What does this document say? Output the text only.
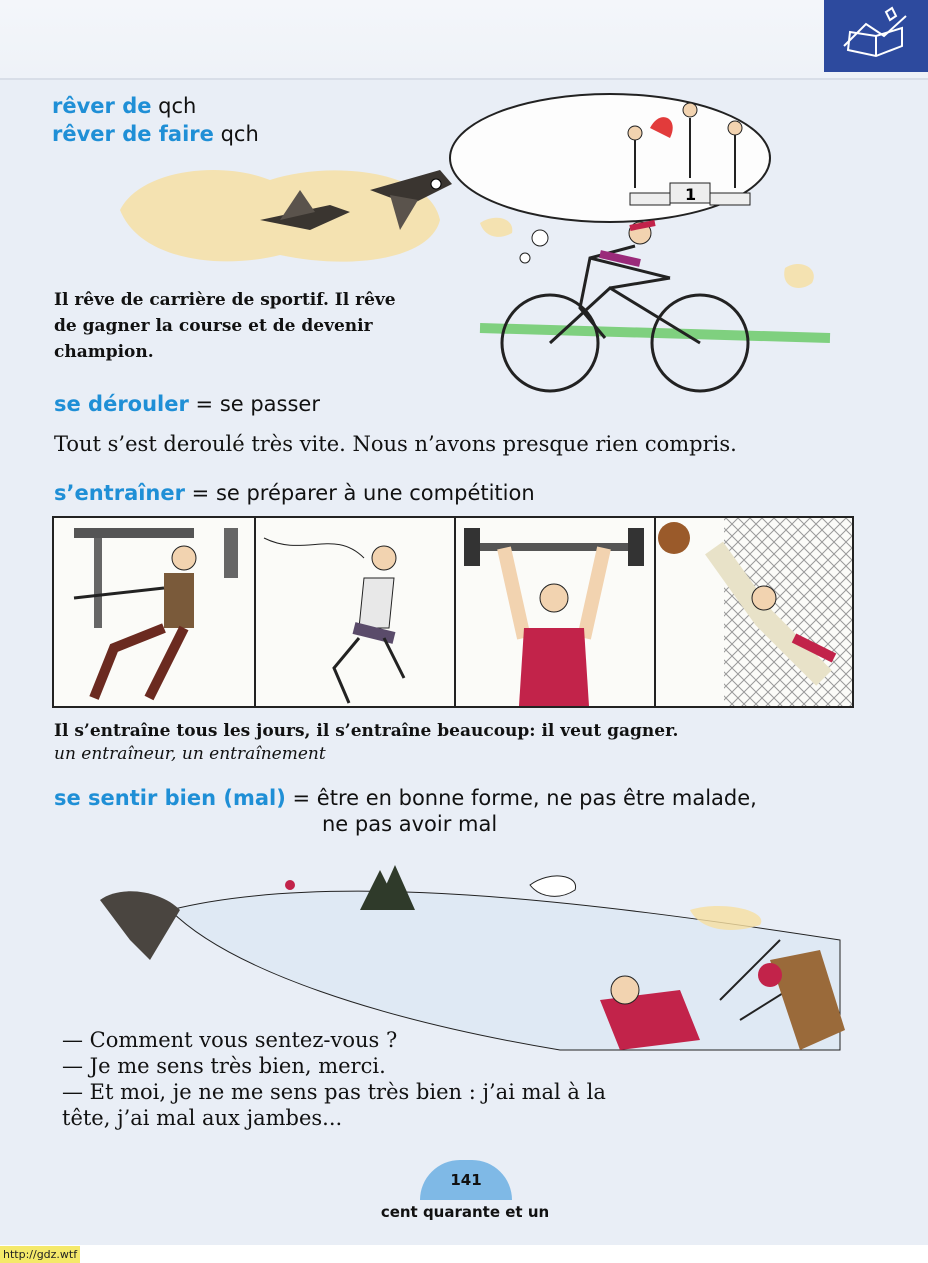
rêver de qch
rêver de faire qch
Il rêve de carrière de sportif. Il rêve
de gagner la course et de devenir
champion.
1
se dérouler = se passer
Tout s’est deroulé très vite. Nous n’avons presque rien compris.
s’entraîner = se préparer à une compétition
Il s’entraîne tous les jours, il s’entraîne beaucoup: il veut gagner.
un entraîneur, un entraînement
se sentir bien (mal) = être en bonne forme, ne pas être malade,
ne pas avoir mal
— Comment vous sentez-vous ?
— Je me sens très bien, merci.
— Et moi, je ne me sens pas très bien : j’ai mal à la
tête, j’ai mal aux jambes...
141
cent quarante et un
http://gdz.wtf
